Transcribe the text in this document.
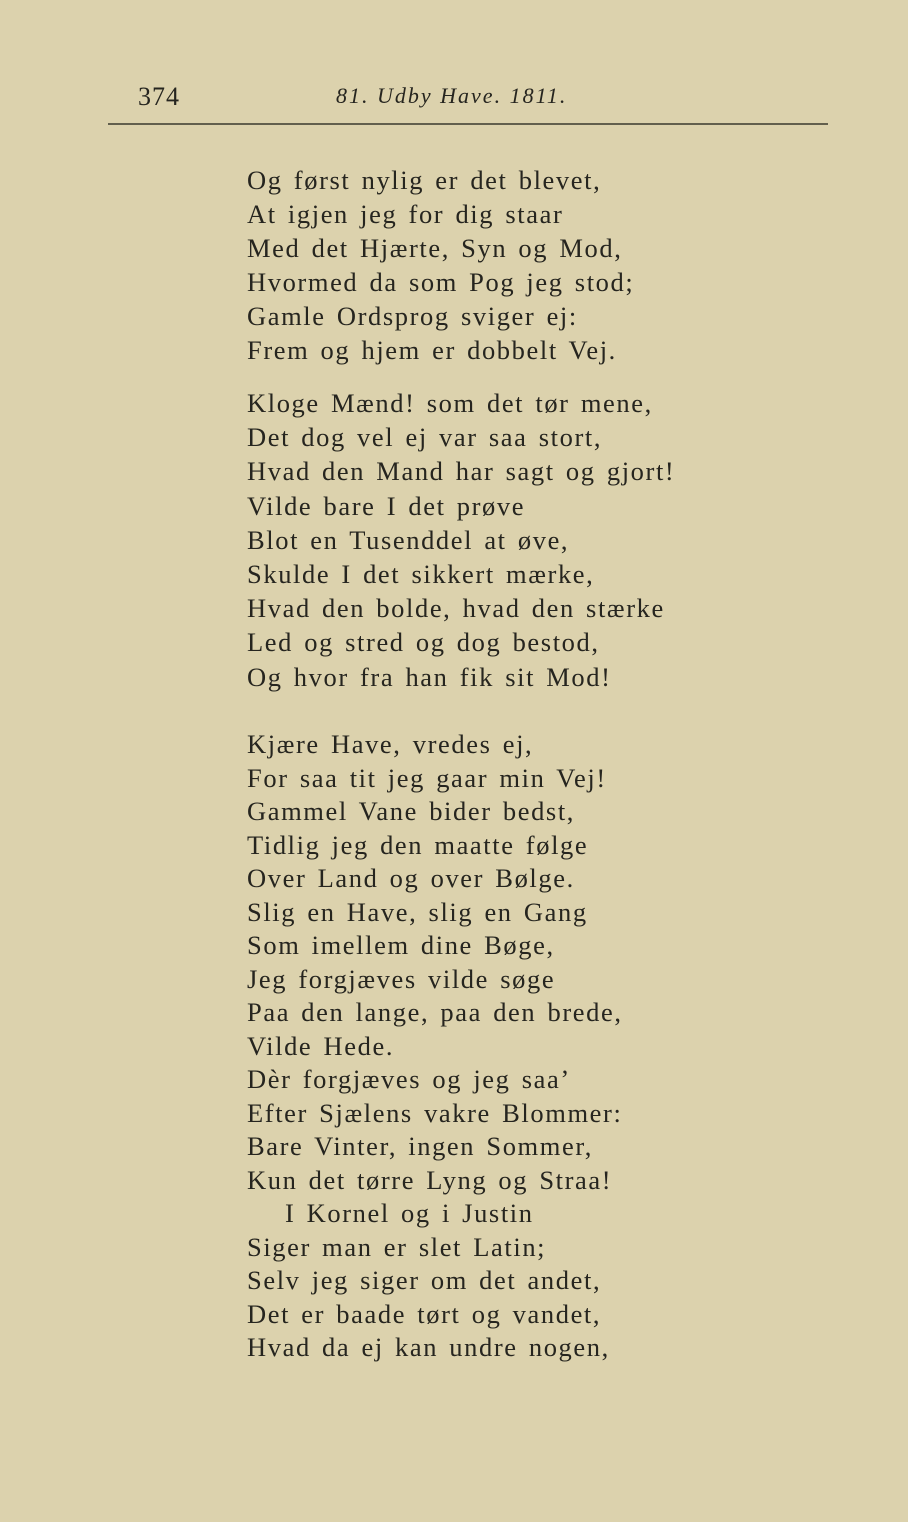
374	81. Udby Have. 1811.
Og først nylig er det blevet,
At igjen jeg for dig staar
Med det Hjærte, Syn og Mod,
Hvormed da som Pog jeg stod;
Gamle Ordsprog sviger ej:
Frem og hjem er dobbelt Vej.
Kloge Mænd! som det tør mene,
Det dog vel ej var saa stort,
Hvad den Mand har sagt og gjort!
Vilde bare I det prøve
Blot en Tusenddel at øve,
Skulde I det sikkert mærke,
Hvad den bolde, hvad den stærke
Led og stred og dog bestod,
Og hvor fra han fik sit Mod!
Kjære Have, vredes ej,
For saa tit jeg gaar min Vej!
Gammel Vane bider bedst,
Tidlig jeg den maatte følge
Over Land og over Bølge.
Slig en Have, slig en Gang
Som imellem dine Bøge,
Jeg forgjæves vilde søge
Paa den lange, paa den brede,
Vilde Hede.
Dèr forgjæves og jeg saa’
Efter Sjælens vakre Blommer:
Bare Vinter, ingen Sommer,
Kun det tørre Lyng og Straa!
I Kornel og i Justin
Siger man er slet Latin;
Selv jeg siger om det andet,
Det er baade tørt og vandet,
Hvad da ej kan undre nogen,
